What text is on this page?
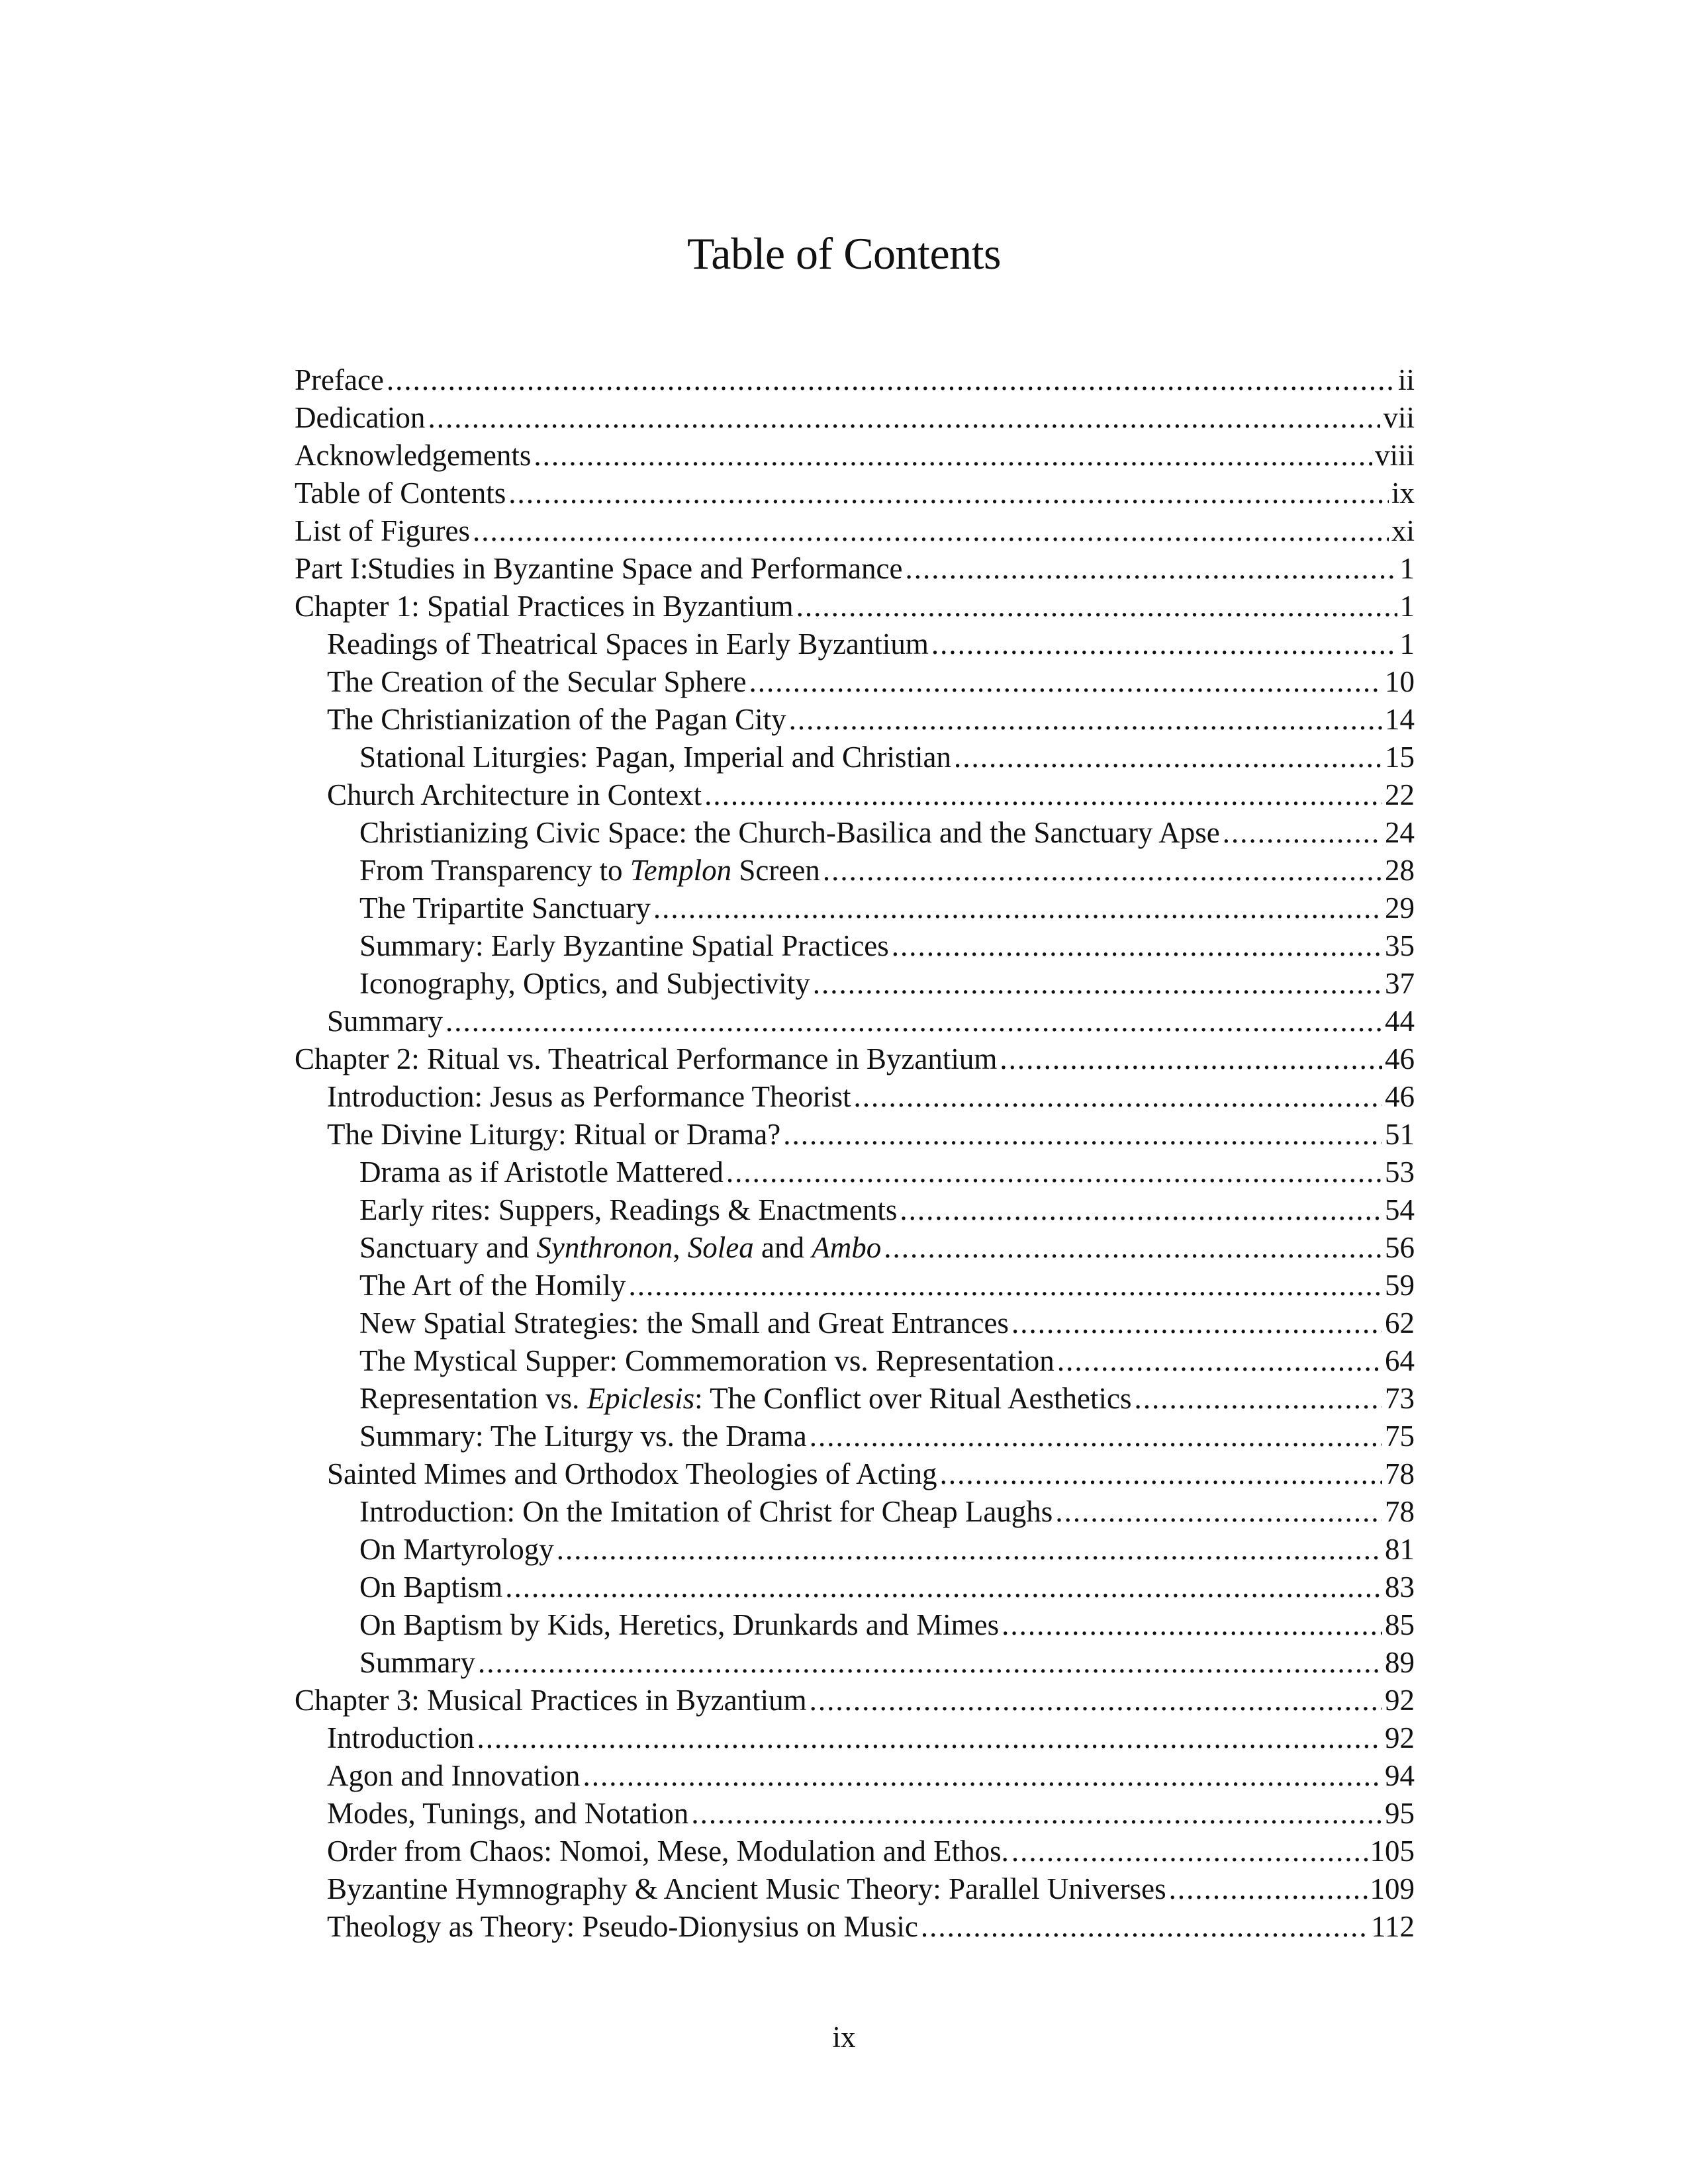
Table of Contents
Preface .....	ii
Dedication .....	vii
Acknowledgements .....	viii
Table of Contents .....	ix
List of Figures .....	xi
Part I:Studies in Byzantine Space and Performance .....	1
Chapter 1: Spatial Practices in Byzantium .....	1
Readings of Theatrical Spaces in Early Byzantium .....	1
The Creation of the Secular Sphere .....	10
The Christianization of the Pagan City .....	14
Stational Liturgies: Pagan, Imperial and Christian .....	15
Church Architecture in Context .....	22
Christianizing Civic Space: the Church-Basilica and the Sanctuary Apse .....	24
From Transparency to Templon Screen .....	28
The Tripartite Sanctuary .....	29
Summary: Early Byzantine Spatial Practices .....	35
Iconography, Optics, and Subjectivity .....	37
Summary .....	44
Chapter 2: Ritual vs. Theatrical Performance in Byzantium .....	46
Introduction: Jesus as Performance Theorist .....	46
The Divine Liturgy: Ritual or Drama? .....	51
Drama as if Aristotle Mattered .....	53
Early rites: Suppers, Readings & Enactments .....	54
Sanctuary and Synthronon, Solea and Ambo .....	56
The Art of the Homily .....	59
New Spatial Strategies: the Small and Great Entrances .....	62
The Mystical Supper: Commemoration vs. Representation .....	64
Representation vs. Epiclesis: The Conflict over Ritual Aesthetics .....	73
Summary: The Liturgy vs. the Drama .....	75
Sainted Mimes and Orthodox Theologies of Acting .....	78
Introduction: On the Imitation of Christ for Cheap Laughs .....	78
On Martyrology .....	81
On Baptism .....	83
On Baptism by Kids, Heretics, Drunkards and Mimes .....	85
Summary .....	89
Chapter 3: Musical Practices in Byzantium .....	92
Introduction .....	92
Agon and Innovation .....	94
Modes, Tunings, and Notation .....	95
Order from Chaos: Nomoi, Mese, Modulation and Ethos. .....	105
Byzantine Hymnography & Ancient Music Theory: Parallel Universes .....	109
Theology as Theory: Pseudo-Dionysius on Music .....	112
ix
